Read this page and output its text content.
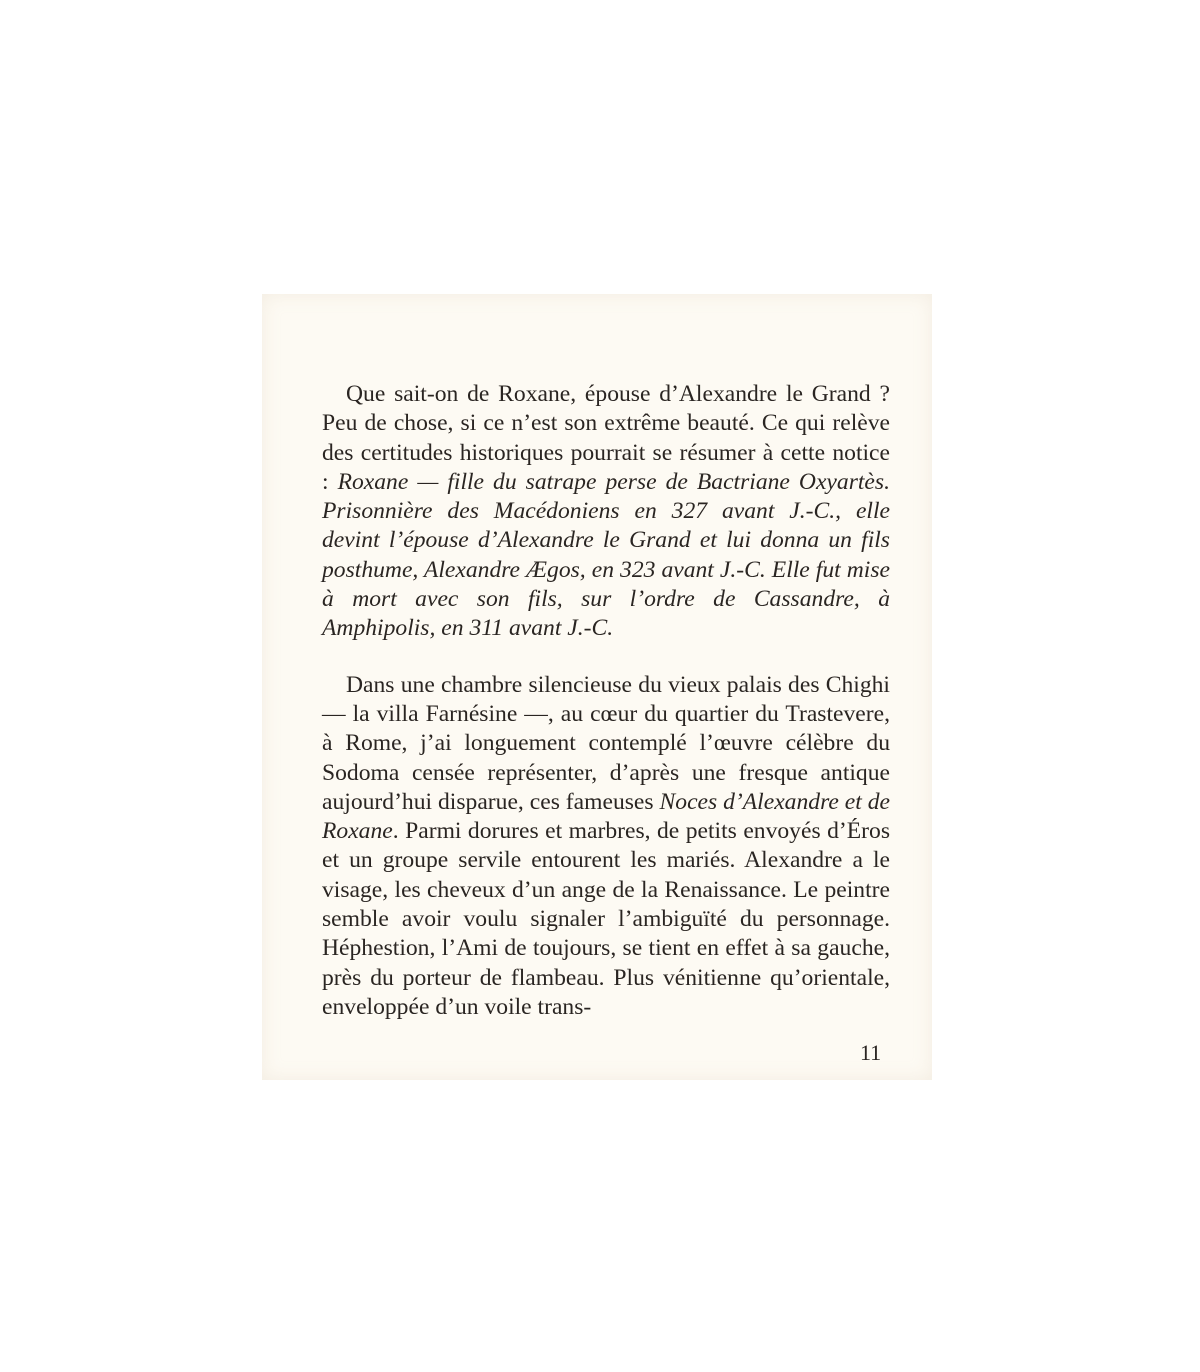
Que sait-on de Roxane, épouse d’Alexandre le Grand ? Peu de chose, si ce n’est son extrême beauté. Ce qui relève des certitudes historiques pourrait se résumer à cette notice : Roxane — fille du satrape perse de Bactriane Oxyartès. Prisonnière des Macédoniens en 327 avant J.-C., elle devint l’épouse d’Alexandre le Grand et lui donna un fils posthume, Alexandre Ægos, en 323 avant J.-C. Elle fut mise à mort avec son fils, sur l’ordre de Cassandre, à Amphipolis, en 311 avant J.-C.

Dans une chambre silencieuse du vieux palais des Chighi — la villa Farnésine —, au cœur du quartier du Trastevere, à Rome, j’ai longuement contemplé l’œuvre célèbre du Sodoma censée représenter, d’après une fresque antique aujourd’hui disparue, ces fameuses Noces d’Alexandre et de Roxane. Parmi dorures et marbres, de petits envoyés d’Éros et un groupe servile entourent les mariés. Alexandre a le visage, les cheveux d’un ange de la Renaissance. Le peintre semble avoir voulu signaler l’ambiguïté du personnage. Héphestion, l’Ami de toujours, se tient en effet à sa gauche, près du porteur de flambeau. Plus vénitienne qu’orientale, enveloppée d’un voile trans-

11
